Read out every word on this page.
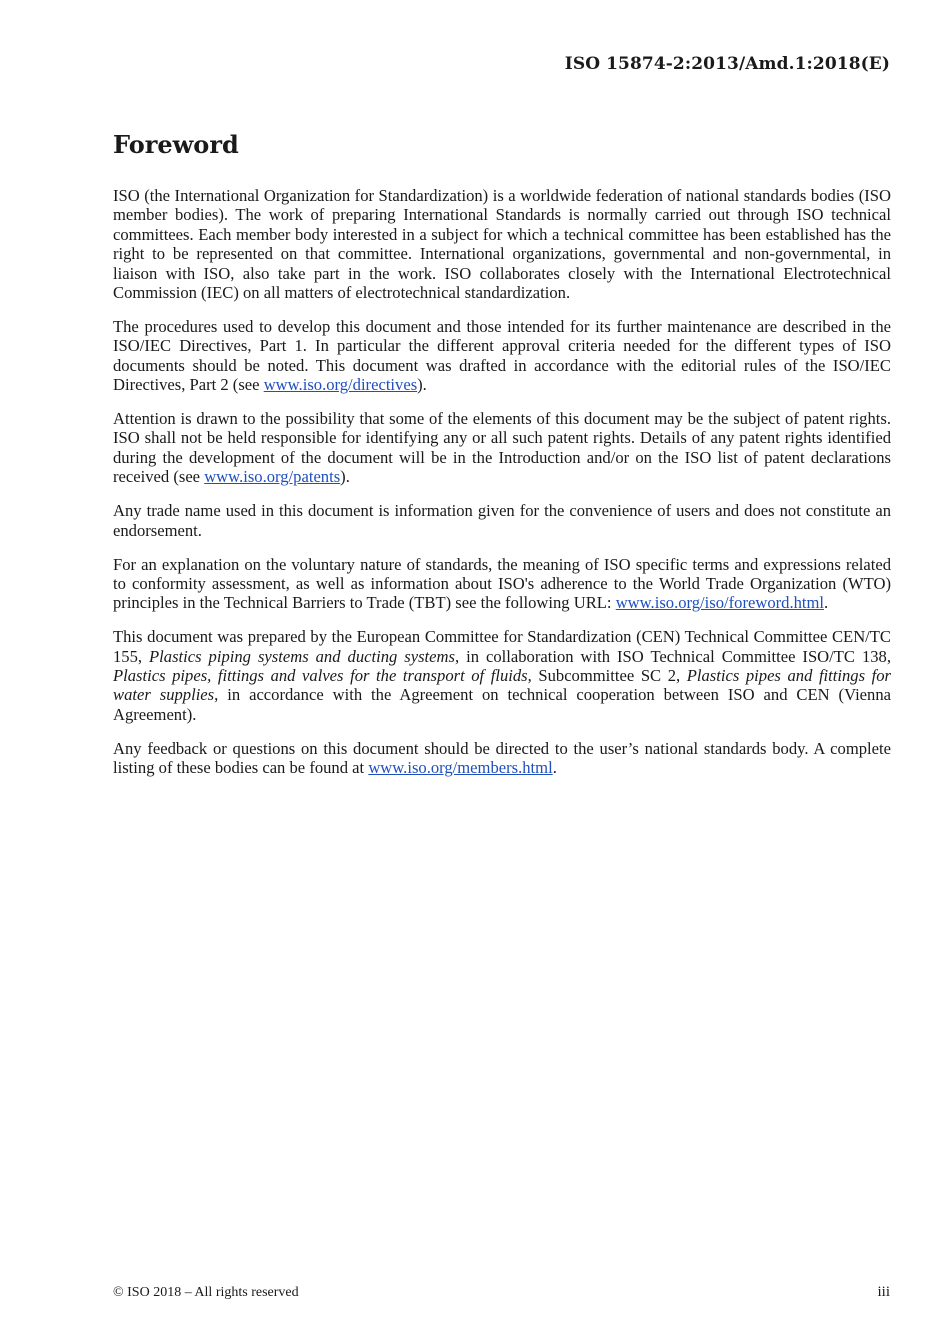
ISO 15874-2:2013/Amd.1:2018(E)
Foreword

ISO (the International Organization for Standardization) is a worldwide federation of national standards bodies (ISO member bodies). The work of preparing International Standards is normally carried out through ISO technical committees. Each member body interested in a subject for which a technical committee has been established has the right to be represented on that committee. International organizations, governmental and non-governmental, in liaison with ISO, also take part in the work. ISO collaborates closely with the International Electrotechnical Commission (IEC) on all matters of electrotechnical standardization.

The procedures used to develop this document and those intended for its further maintenance are described in the ISO/IEC Directives, Part 1. In particular the different approval criteria needed for the different types of ISO documents should be noted. This document was drafted in accordance with the editorial rules of the ISO/IEC Directives, Part 2 (see www.iso.org/directives).

Attention is drawn to the possibility that some of the elements of this document may be the subject of patent rights. ISO shall not be held responsible for identifying any or all such patent rights. Details of any patent rights identified during the development of the document will be in the Introduction and/or on the ISO list of patent declarations received (see www.iso.org/patents).

Any trade name used in this document is information given for the convenience of users and does not constitute an endorsement.

For an explanation on the voluntary nature of standards, the meaning of ISO specific terms and expressions related to conformity assessment, as well as information about ISO's adherence to the World Trade Organization (WTO) principles in the Technical Barriers to Trade (TBT) see the following URL: www.iso.org/iso/foreword.html.

This document was prepared by the European Committee for Standardization (CEN) Technical Committee CEN/TC 155, Plastics piping systems and ducting systems, in collaboration with ISO Technical Committee ISO/TC 138, Plastics pipes, fittings and valves for the transport of fluids, Subcommittee SC 2, Plastics pipes and fittings for water supplies, in accordance with the Agreement on technical cooperation between ISO and CEN (Vienna Agreement).

Any feedback or questions on this document should be directed to the user’s national standards body. A complete listing of these bodies can be found at www.iso.org/members.html.

© ISO 2018 – All rights reserved	iii
